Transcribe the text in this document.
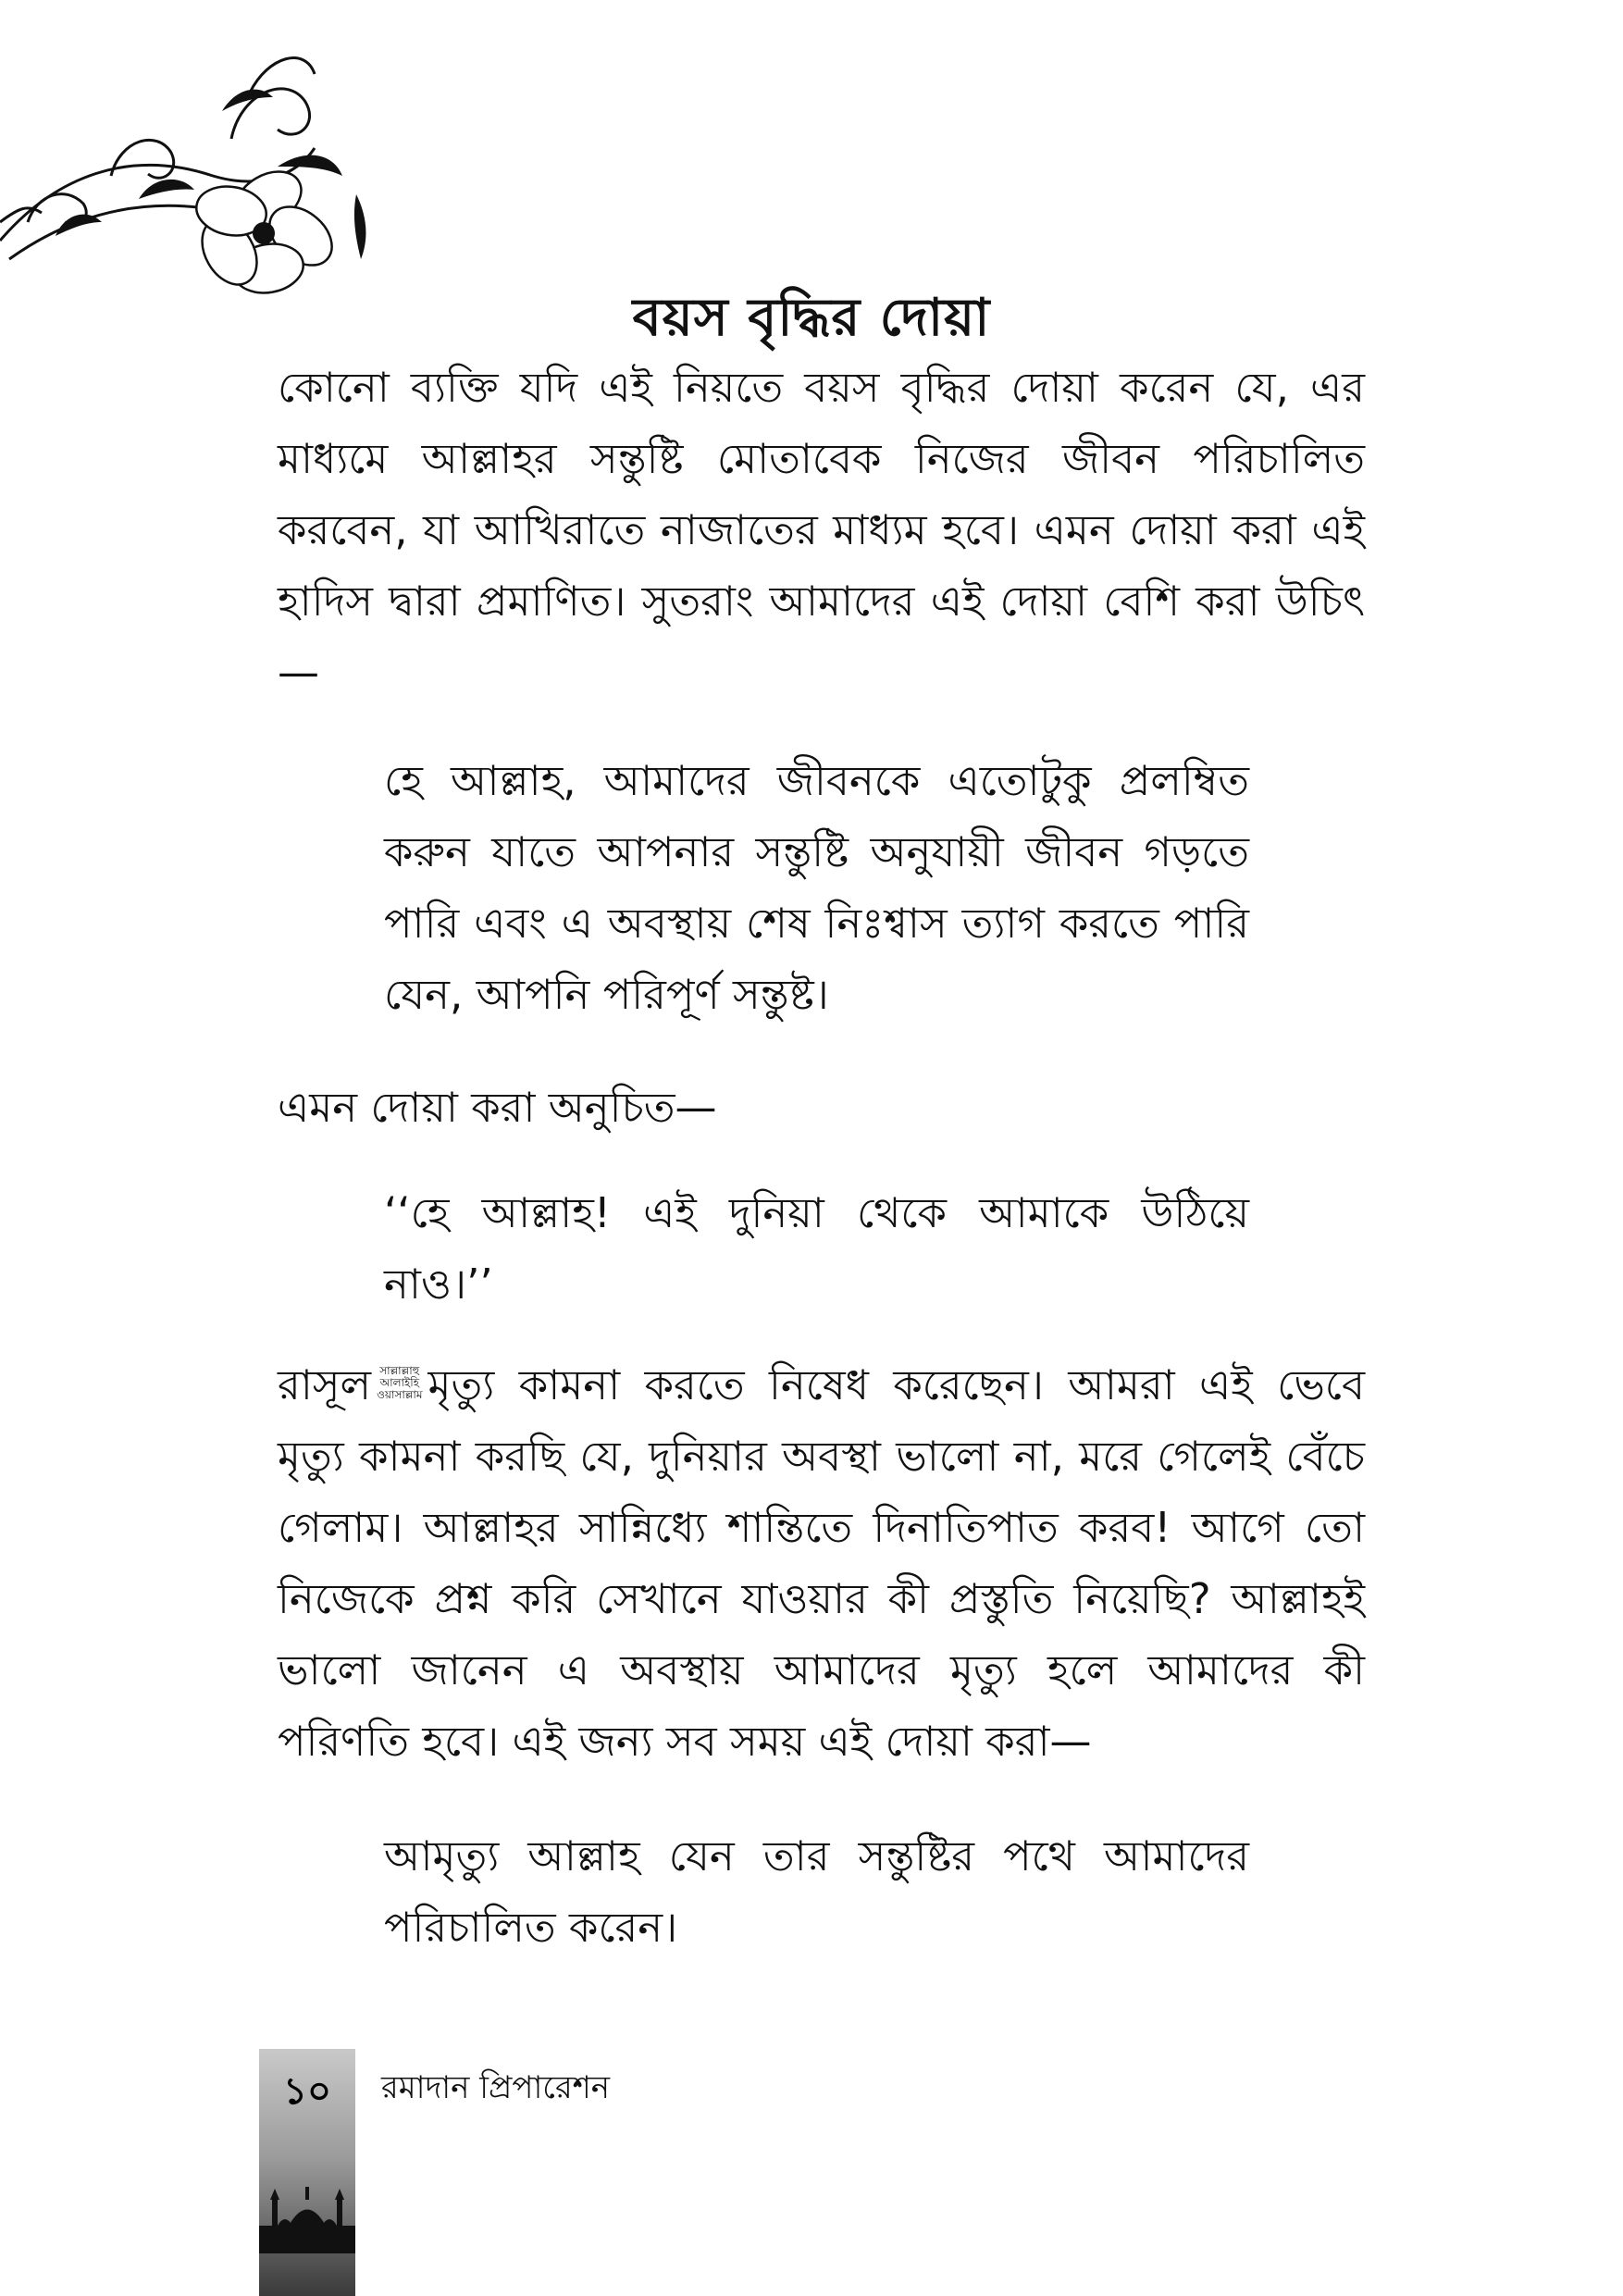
বয়স বৃদ্ধির দোয়া
কোনো ব্যক্তি যদি এই নিয়তে বয়স বৃদ্ধির দোয়া করেন যে, এর মাধ্যমে আল্লাহর সন্তুষ্টি মোতাবেক নিজের জীবন পরিচালিত করবেন, যা আখিরাতে নাজাতের মাধ্যম হবে। এমন দোয়া করা এই হাদিস দ্বারা প্রমাণিত। সুতরাং আমাদের এই দোয়া বেশি করা উচিৎ—
হে আল্লাহ, আমাদের জীবনকে এতোটুকু প্রলম্বিত করুন যাতে আপনার সন্তুষ্টি অনুযায়ী জীবন গড়তে পারি এবং এ অবস্থায় শেষ নিঃশ্বাস ত্যাগ করতে পারি যেন, আপনি পরিপূর্ণ সন্তুষ্ট।
এমন দোয়া করা অনুচিত—
‘‘হে আল্লাহ! এই দুনিয়া থেকে আমাকে উঠিয়ে নাও।’’
রাসূল সাল্লাল্লাহু
আলাইহি
ওয়াসাল্লাম মৃত্যু কামনা করতে নিষেধ করেছেন। আমরা এই ভেবে মৃত্যু কামনা করছি যে, দুনিয়ার অবস্থা ভালো না, মরে গেলেই বেঁচে গেলাম। আল্লাহর সান্নিধ্যে শান্তিতে দিনাতিপাত করব! আগে তো নিজেকে প্রশ্ন করি সেখানে যাওয়ার কী প্রস্তুতি নিয়েছি? আল্লাহই ভালো জানেন এ অবস্থায় আমাদের মৃত্যু হলে আমাদের কী পরিণতি হবে। এই জন্য সব সময় এই দোয়া করা—
আমৃত্যু আল্লাহ যেন তার সন্তুষ্টির পথে আমাদের পরিচালিত করেন।
১০	রমাদান প্রিপারেশন
